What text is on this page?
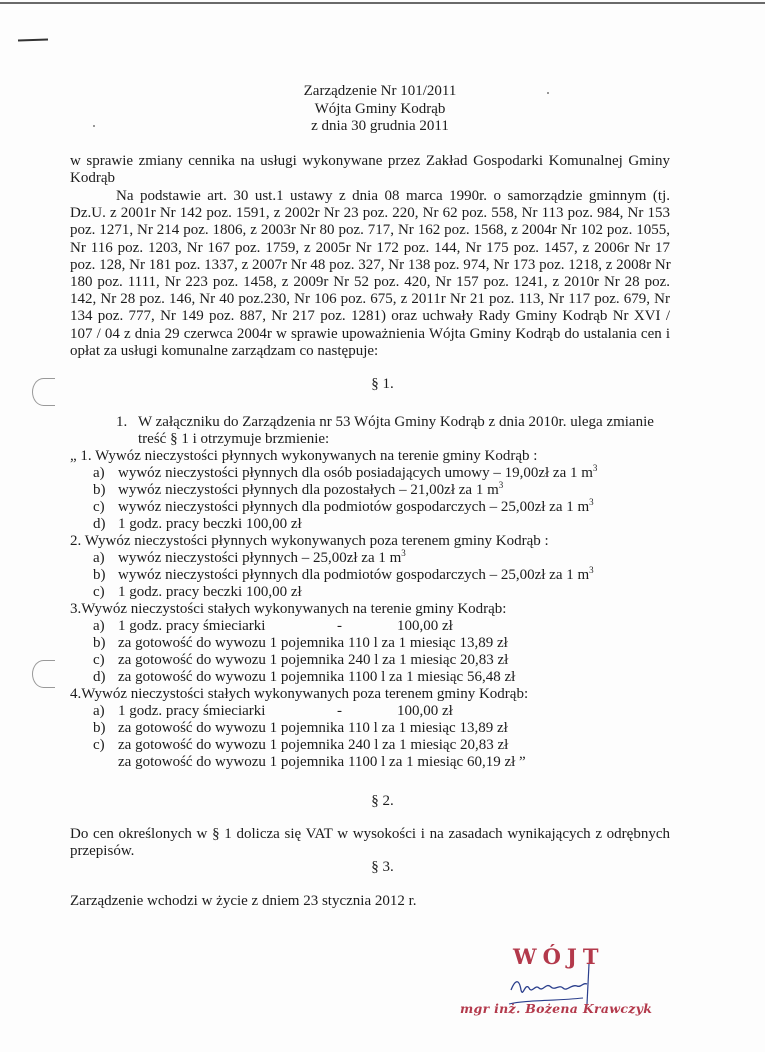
Zarządzenie Nr 101/2011
Wójta Gminy Kodrąb
z dnia 30 grudnia 2011
w sprawie zmiany cennika na usługi wykonywane przez Zakład Gospodarki Komunalnej Gminy
Kodrąb
Na podstawie art. 30 ust.1 ustawy z dnia 08 marca 1990r. o samorządzie gminnym (tj.
Dz.U. z 2001r Nr 142 poz. 1591, z 2002r Nr 23 poz. 220, Nr 62 poz. 558, Nr 113 poz. 984, Nr 153
poz. 1271, Nr 214 poz. 1806, z 2003r Nr 80 poz. 717, Nr 162 poz. 1568, z 2004r Nr 102 poz. 1055,
Nr 116 poz. 1203, Nr 167 poz. 1759, z 2005r Nr 172 poz. 144, Nr 175 poz. 1457, z 2006r Nr 17
poz. 128, Nr 181 poz. 1337, z 2007r Nr 48 poz. 327, Nr 138 poz. 974, Nr 173 poz. 1218, z 2008r Nr
180 poz. 1111, Nr 223 poz. 1458, z 2009r Nr 52 poz. 420, Nr 157 poz. 1241, z 2010r Nr 28 poz.
142, Nr 28 poz. 146, Nr 40 poz.230, Nr 106 poz. 675, z 2011r Nr 21 poz. 113, Nr 117 poz. 679, Nr
134 poz. 777, Nr 149 poz. 887, Nr 217 poz. 1281) oraz uchwały Rady Gminy Kodrąb Nr XVI /
107 / 04 z dnia 29 czerwca 2004r w sprawie upoważnienia Wójta Gminy Kodrąb do ustalania cen i
opłat za usługi komunalne zarządzam co następuje:
§ 1.
1. W załączniku do Zarządzenia nr 53 Wójta Gminy Kodrąb z dnia 2010r. ulega zmianie
treść § 1 i otrzymuje brzmienie:
„ 1. Wywóz nieczystości płynnych wykonywanych na terenie gminy Kodrąb :
a) wywóz nieczystości płynnych dla osób posiadających umowy – 19,00zł za 1 $m^3$
b) wywóz nieczystości płynnych dla pozostałych – 21,00zł za 1 $m^3$
c) wywóz nieczystości płynnych dla podmiotów gospodarczych – 25,00zł za 1 $m^3$
d) 1 godz. pracy beczki 100,00 zł
2. Wywóz nieczystości płynnych wykonywanych poza terenem gminy Kodrąb :
a) wywóz nieczystości płynnych – 25,00zł za 1 $m^3$
b) wywóz nieczystości płynnych dla podmiotów gospodarczych – 25,00zł za 1 $m^3$
c) 1 godz. pracy beczki 100,00 zł
3.Wywóz nieczystości stałych wykonywanych na terenie gminy Kodrąb:
a) 1 godz. pracy śmieciarki	-	100,00 zł
b) za gotowość do wywozu 1 pojemnika 110 l za 1 miesiąc 13,89 zł
c) za gotowość do wywozu 1 pojemnika 240 l za 1 miesiąc 20,83 zł
d) za gotowość do wywozu 1 pojemnika 1100 l za 1 miesiąc 56,48 zł
4.Wywóz nieczystości stałych wykonywanych poza terenem gminy Kodrąb:
a) 1 godz. pracy śmieciarki	-	100,00 zł
b) za gotowość do wywozu 1 pojemnika 110 l za 1 miesiąc 13,89 zł
c) za gotowość do wywozu 1 pojemnika 240 l za 1 miesiąc 20,83 zł
za gotowość do wywozu 1 pojemnika 1100 l za 1 miesiąc 60,19 zł ”
§ 2.
Do cen określonych w § 1 dolicza się VAT w wysokości i na zasadach wynikających z odrębnych
przepisów.
§ 3.
Zarządzenie wchodzi w życie z dniem 23 stycznia 2012 r.
WÓJT
mgr inż. Bożena Krawczyk
